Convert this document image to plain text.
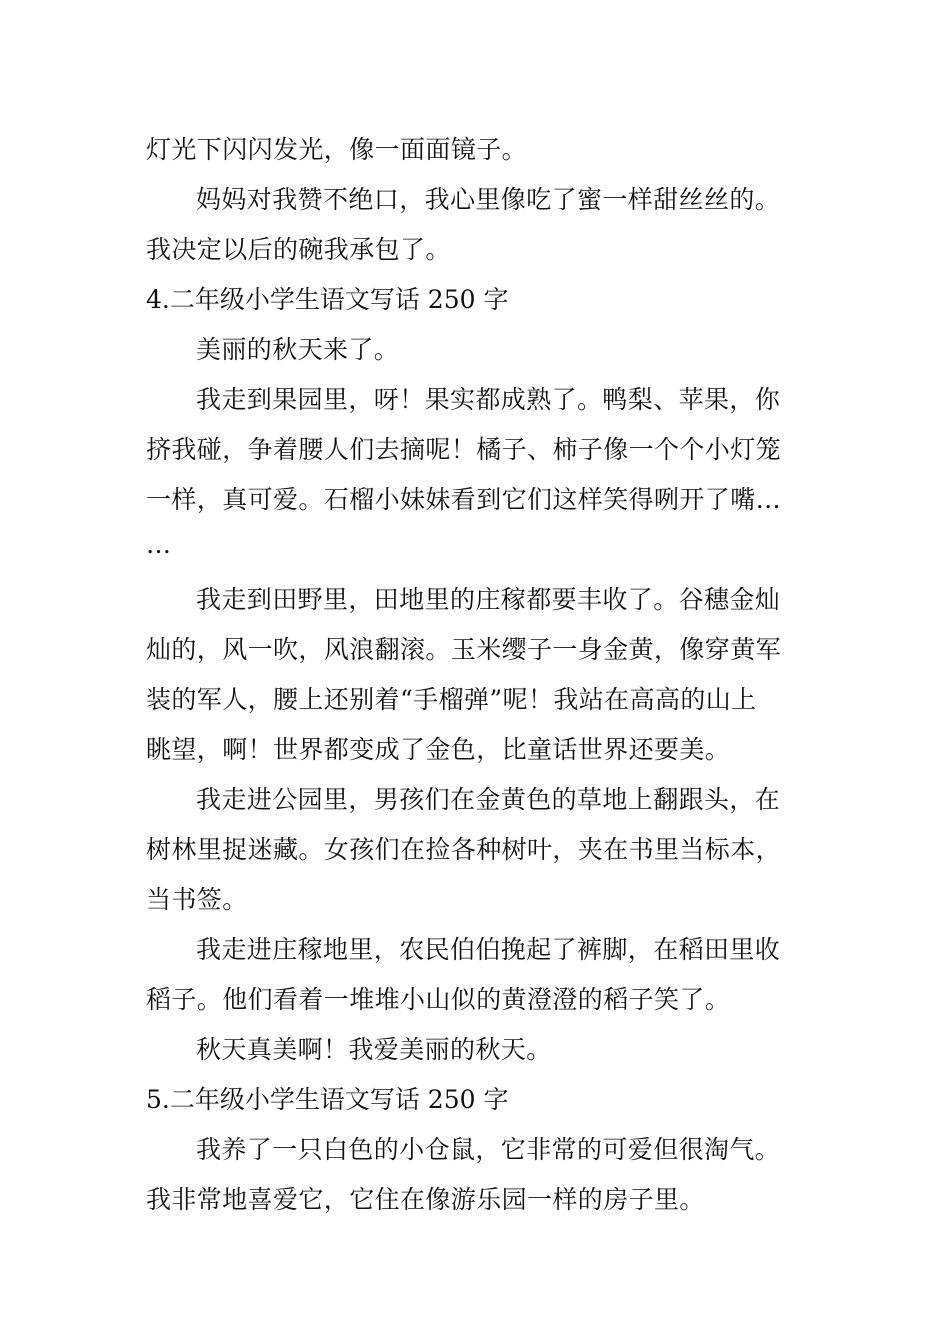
灯光下闪闪发光，像一面面镜子。
妈妈对我赞不绝口，我心里像吃了蜜一样甜丝丝的。
我决定以后的碗我承包了。
4.二年级小学生语文写话 250 字
美丽的秋天来了。
我走到果园里，呀！果实都成熟了。鸭梨、苹果，你
挤我碰，争着腰人们去摘呢！橘子、柿子像一个个小灯笼
一样，真可爱。石榴小妹妹看到它们这样笑得咧开了嘴…
…
我走到田野里，田地里的庄稼都要丰收了。谷穗金灿
灿的，风一吹，风浪翻滚。玉米缨子一身金黄，像穿黄军
装的军人，腰上还别着“手榴弹”呢！我站在高高的山上
眺望，啊！世界都变成了金色，比童话世界还要美。
我走进公园里，男孩们在金黄色的草地上翻跟头，在
树林里捉迷藏。女孩们在捡各种树叶，夹在书里当标本，
当书签。
我走进庄稼地里，农民伯伯挽起了裤脚，在稻田里收
稻子。他们看着一堆堆小山似的黄澄澄的稻子笑了。
秋天真美啊！我爱美丽的秋天。
5.二年级小学生语文写话 250 字
我养了一只白色的小仓鼠，它非常的可爱但很淘气。
我非常地喜爱它，它住在像游乐园一样的房子里。
